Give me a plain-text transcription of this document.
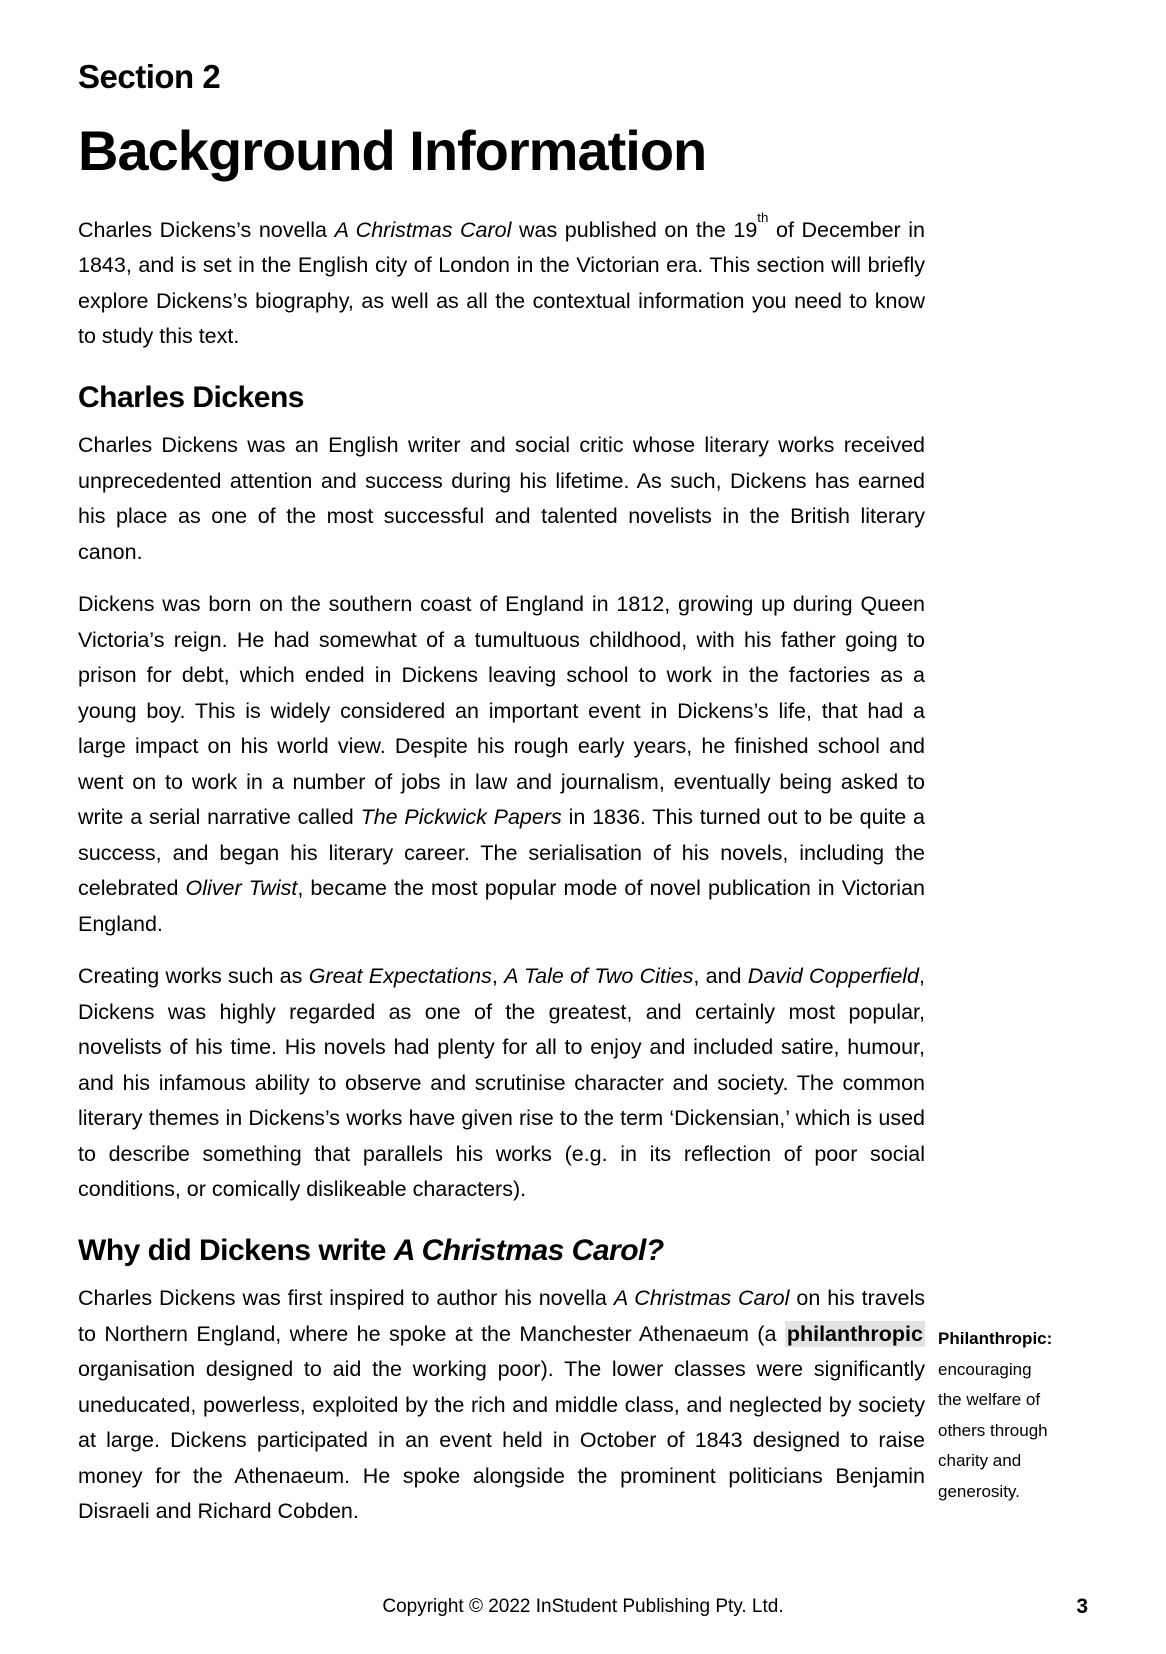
Section 2
Background Information

Charles Dickens’s novella A Christmas Carol was published on the 19th of December in 1843, and is set in the English city of London in the Victorian era. This section will briefly explore Dickens’s biography, as well as all the contextual information you need to know to study this text.

Charles Dickens

Charles Dickens was an English writer and social critic whose literary works received unprecedented attention and success during his lifetime. As such, Dickens has earned his place as one of the most successful and talented novelists in the British literary canon.

Dickens was born on the southern coast of England in 1812, growing up during Queen Victoria’s reign. He had somewhat of a tumultuous childhood, with his father going to prison for debt, which ended in Dickens leaving school to work in the factories as a young boy. This is widely considered an important event in Dickens’s life, that had a large impact on his world view. Despite his rough early years, he finished school and went on to work in a number of jobs in law and journalism, eventually being asked to write a serial narrative called The Pickwick Papers in 1836. This turned out to be quite a success, and began his literary career. The serialisation of his novels, including the celebrated Oliver Twist, became the most popular mode of novel publication in Victorian England.

Creating works such as Great Expectations, A Tale of Two Cities, and David Copperfield, Dickens was highly regarded as one of the greatest, and certainly most popular, novelists of his time. His novels had plenty for all to enjoy and included satire, humour, and his infamous ability to observe and scrutinise character and society. The common literary themes in Dickens’s works have given rise to the term ‘Dickensian,’ which is used to describe something that parallels his works (e.g. in its reflection of poor social conditions, or comically dislikeable characters).

Why did Dickens write A Christmas Carol?

Charles Dickens was first inspired to author his novella A Christmas Carol on his travels to Northern England, where he spoke at the Manchester Athenaeum (a philanthropic organisation designed to aid the working poor). The lower classes were significantly uneducated, powerless, exploited by the rich and middle class, and neglected by society at large. Dickens participated in an event held in October of 1843 designed to raise money for the Athenaeum. He spoke alongside the prominent politicians Benjamin Disraeli and Richard Cobden.

Philanthropic: encouraging the welfare of others through charity and generosity.
Copyright © 2022 InStudent Publishing Pty. Ltd.	3
